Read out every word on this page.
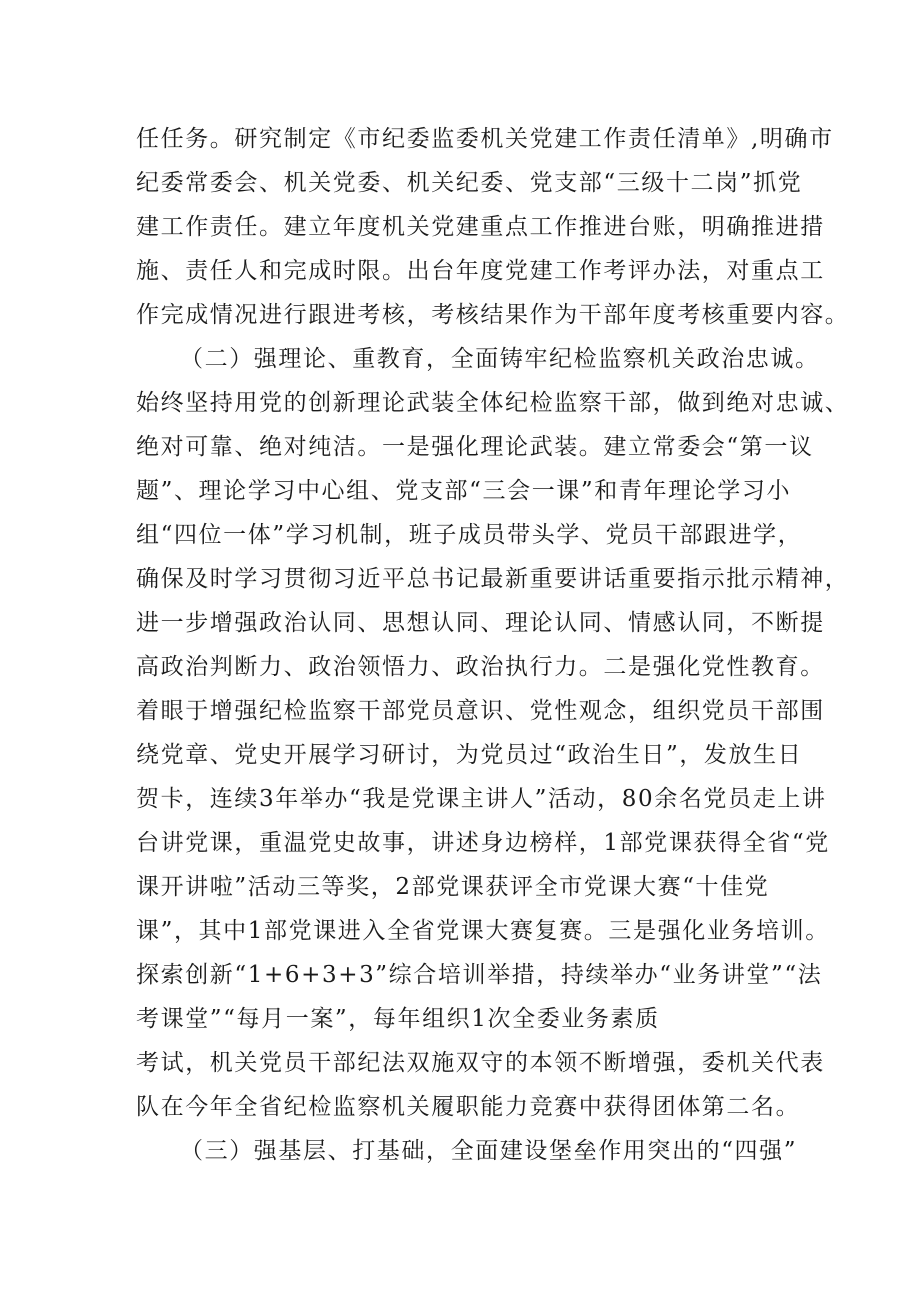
任任务。研究制定《市纪委监委机关党建工作责任清单》,明确市
纪委常委会、机关党委、机关纪委、党支部“三级十二岗”抓党
建工作责任。建立年度机关党建重点工作推进台账，明确推进措
施、责任人和完成时限。出台年度党建工作考评办法，对重点工
作完成情况进行跟进考核，考核结果作为干部年度考核重要内容。
（二）强理论、重教育，全面铸牢纪检监察机关政治忠诚。
始终坚持用党的创新理论武装全体纪检监察干部，做到绝对忠诚、
绝对可靠、绝对纯洁。一是强化理论武装。建立常委会“第一议
题”、理论学习中心组、党支部“三会一课”和青年理论学习小
组“四位一体”学习机制，班子成员带头学、党员干部跟进学，
确保及时学习贯彻习近平总书记最新重要讲话重要指示批示精神，
进一步增强政治认同、思想认同、理论认同、情感认同，不断提
高政治判断力、政治领悟力、政治执行力。二是强化党性教育。
着眼于增强纪检监察干部党员意识、党性观念，组织党员干部围
绕党章、党史开展学习研讨，为党员过“政治生日”，发放生日
贺卡，连续3年举办“我是党课主讲人”活动，80余名党员走上讲
台讲党课，重温党史故事，讲述身边榜样，1部党课获得全省“党
课开讲啦”活动三等奖，2部党课获评全市党课大赛“十佳党
课”，其中1部党课进入全省党课大赛复赛。三是强化业务培训。
探索创新“1+6+3+3”综合培训举措，持续举办“业务讲堂”“法
考课堂”“每月一案”，每年组织1次全委业务素质
考试，机关党员干部纪法双施双守的本领不断增强，委机关代表
队在今年全省纪检监察机关履职能力竞赛中获得团体第二名。
（三）强基层、打基础，全面建设堡垒作用突出的“四强”
